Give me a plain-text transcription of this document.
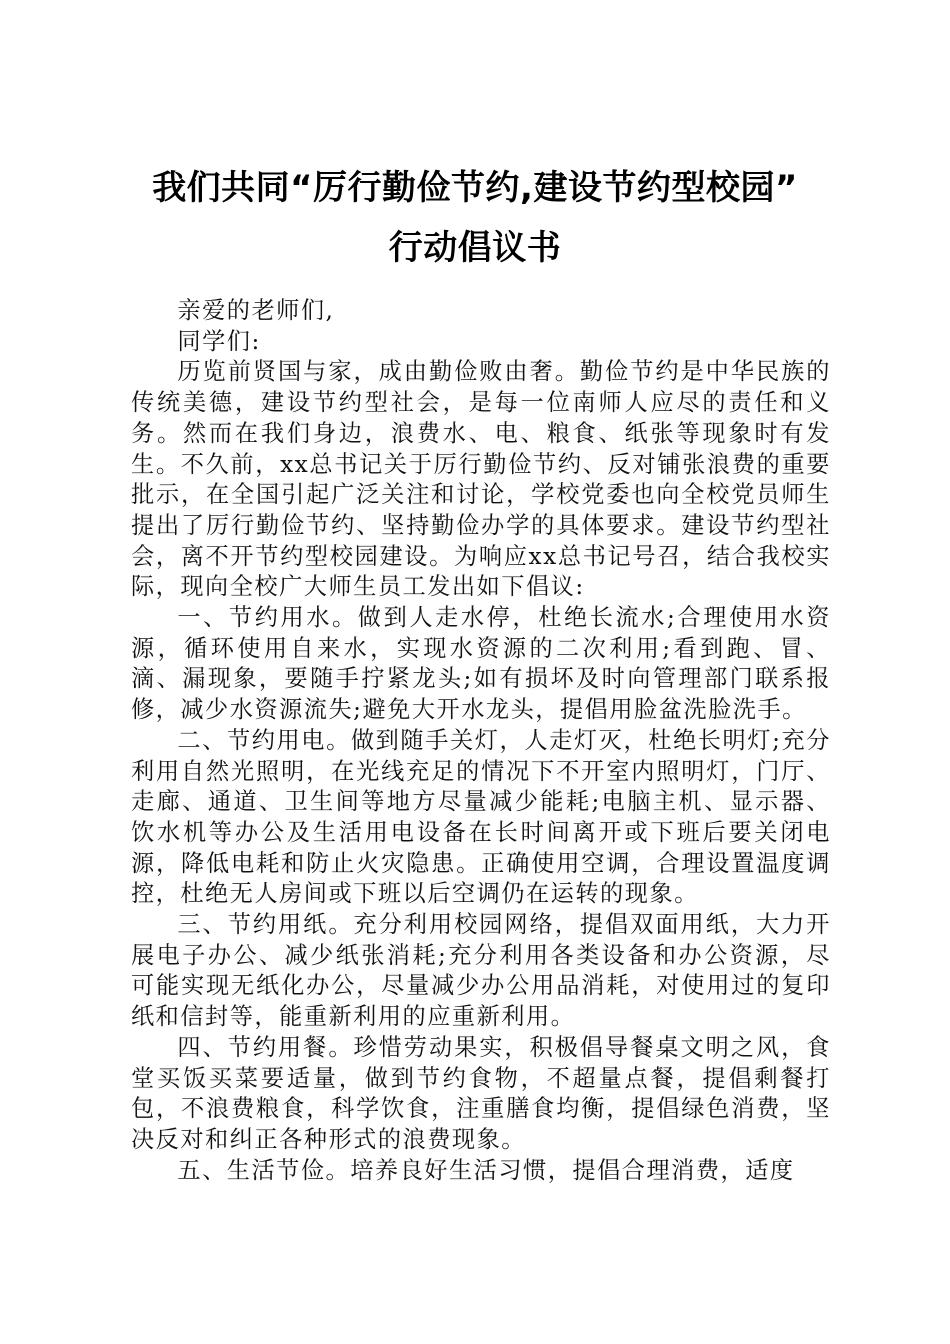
我们共同“厉行勤俭节约,建设节约型校园”
行动倡议书

亲爱的老师们,

同学们:

历览前贤国与家，成由勤俭败由奢。勤俭节约是中华民族的传统美德，建设节约型社会，是每一位南师人应尽的责任和义务。然而在我们身边，浪费水、电、粮食、纸张等现象时有发生。不久前，xx总书记关于厉行勤俭节约、反对铺张浪费的重要批示，在全国引起广泛关注和讨论，学校党委也向全校党员师生提出了厉行勤俭节约、坚持勤俭办学的具体要求。建设节约型社会，离不开节约型校园建设。为响应xx总书记号召，结合我校实际，现向全校广大师生员工发出如下倡议:

一、节约用水。做到人走水停，杜绝长流水;合理使用水资源，循环使用自来水，实现水资源的二次利用;看到跑、冒、滴、漏现象，要随手拧紧龙头;如有损坏及时向管理部门联系报修，减少水资源流失;避免大开水龙头，提倡用脸盆洗脸洗手。

二、节约用电。做到随手关灯，人走灯灭，杜绝长明灯;充分利用自然光照明，在光线充足的情况下不开室内照明灯，门厅、走廊、通道、卫生间等地方尽量减少能耗;电脑主机、显示器、饮水机等办公及生活用电设备在长时间离开或下班后要关闭电源，降低电耗和防止火灾隐患。正确使用空调，合理设置温度调控，杜绝无人房间或下班以后空调仍在运转的现象。

三、节约用纸。充分利用校园网络，提倡双面用纸，大力开展电子办公、减少纸张消耗;充分利用各类设备和办公资源，尽可能实现无纸化办公，尽量减少办公用品消耗，对使用过的复印纸和信封等，能重新利用的应重新利用。

四、节约用餐。珍惜劳动果实，积极倡导餐桌文明之风，食堂买饭买菜要适量，做到节约食物，不超量点餐，提倡剩餐打包，不浪费粮食，科学饮食，注重膳食均衡，提倡绿色消费，坚决反对和纠正各种形式的浪费现象。

五、生活节俭。培养良好生活习惯，提倡合理消费，适度
